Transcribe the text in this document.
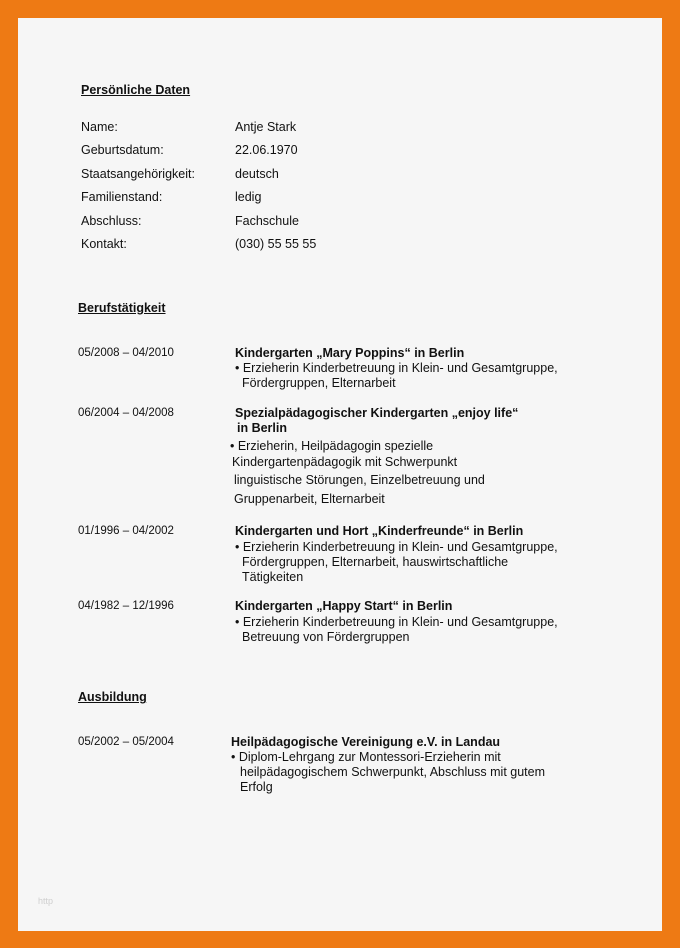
Persönliche Daten
Name:	Antje Stark
Geburtsdatum:	22.06.1970
Staatsangehörigkeit:	deutsch
Familienstand:	ledig
Abschluss:	Fachschule
Kontakt:	(030) 55 55 55
Berufstätigkeit
05/2008 – 04/2010	Kindergarten „Mary Poppins“ in Berlin
• Erzieherin Kinderbetreuung in Klein- und Gesamtgruppe,
Fördergruppen, Elternarbeit
06/2004 – 04/2008	Spezialpädagogischer Kindergarten „enjoy life“
in Berlin
• Erzieherin, Heilpädagogin spezielle
Kindergartenpädagogik mit Schwerpunkt
linguistische Störungen, Einzelbetreuung und
Gruppenarbeit, Elternarbeit
01/1996 – 04/2002	Kindergarten und Hort „Kinderfreunde“ in Berlin
• Erzieherin Kinderbetreuung in Klein- und Gesamtgruppe,
Fördergruppen, Elternarbeit, hauswirtschaftliche
Tätigkeiten
04/1982 – 12/1996	Kindergarten „Happy Start“ in Berlin
• Erzieherin Kinderbetreuung in Klein- und Gesamtgruppe,
Betreuung von Fördergruppen
Ausbildung
05/2002 – 05/2004	Heilpädagogische Vereinigung e.V. in Landau
• Diplom-Lehrgang zur Montessori-Erzieherin mit
heilpädagogischem Schwerpunkt, Abschluss mit gutem
Erfolg
http
